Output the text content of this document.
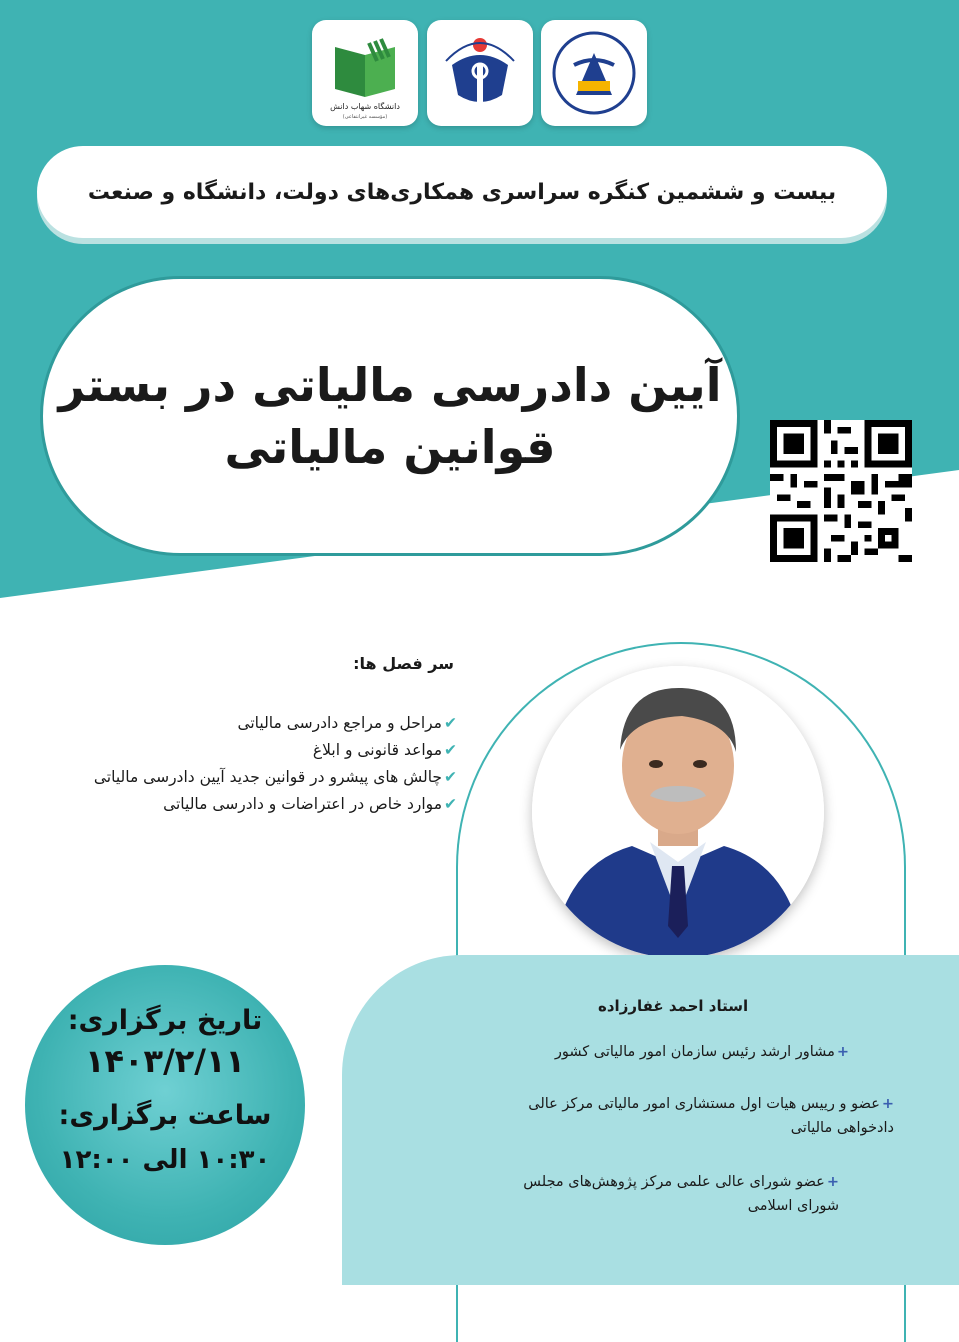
دانشگاه شهاب دانش
(مؤسسه غیرانتفاعی)
بیست و ششمین کنگره سراسری همکاری‌های دولت، دانشگاه و صنعت
آیین دادرسی مالیاتی در بستر
قوانین مالیاتی
سر فصل ها:
✔مراحل و مراجع دادرسی مالیاتی
✔مواعد قانونی و ابلاغ
✔چالش های پیشرو در قوانین جدید آیین دادرسی مالیاتی
✔موارد خاص در اعتراضات و دادرسی مالیاتی
استاد احمد غفارزاده
+مشاور ارشد رئیس سازمان امور مالیاتی کشور
+عضو و رییس هیات اول مستشاری امور مالیاتی مرکز عالی دادخواهی مالیاتی
+عضو شورای عالی علمی مرکز پژوهش‌های مجلس شورای اسلامی
تاریخ برگزاری:
۱۴۰۳/۲/۱۱
ساعت برگزاری:
۱۰:۳۰ الی ۱۲:۰۰
